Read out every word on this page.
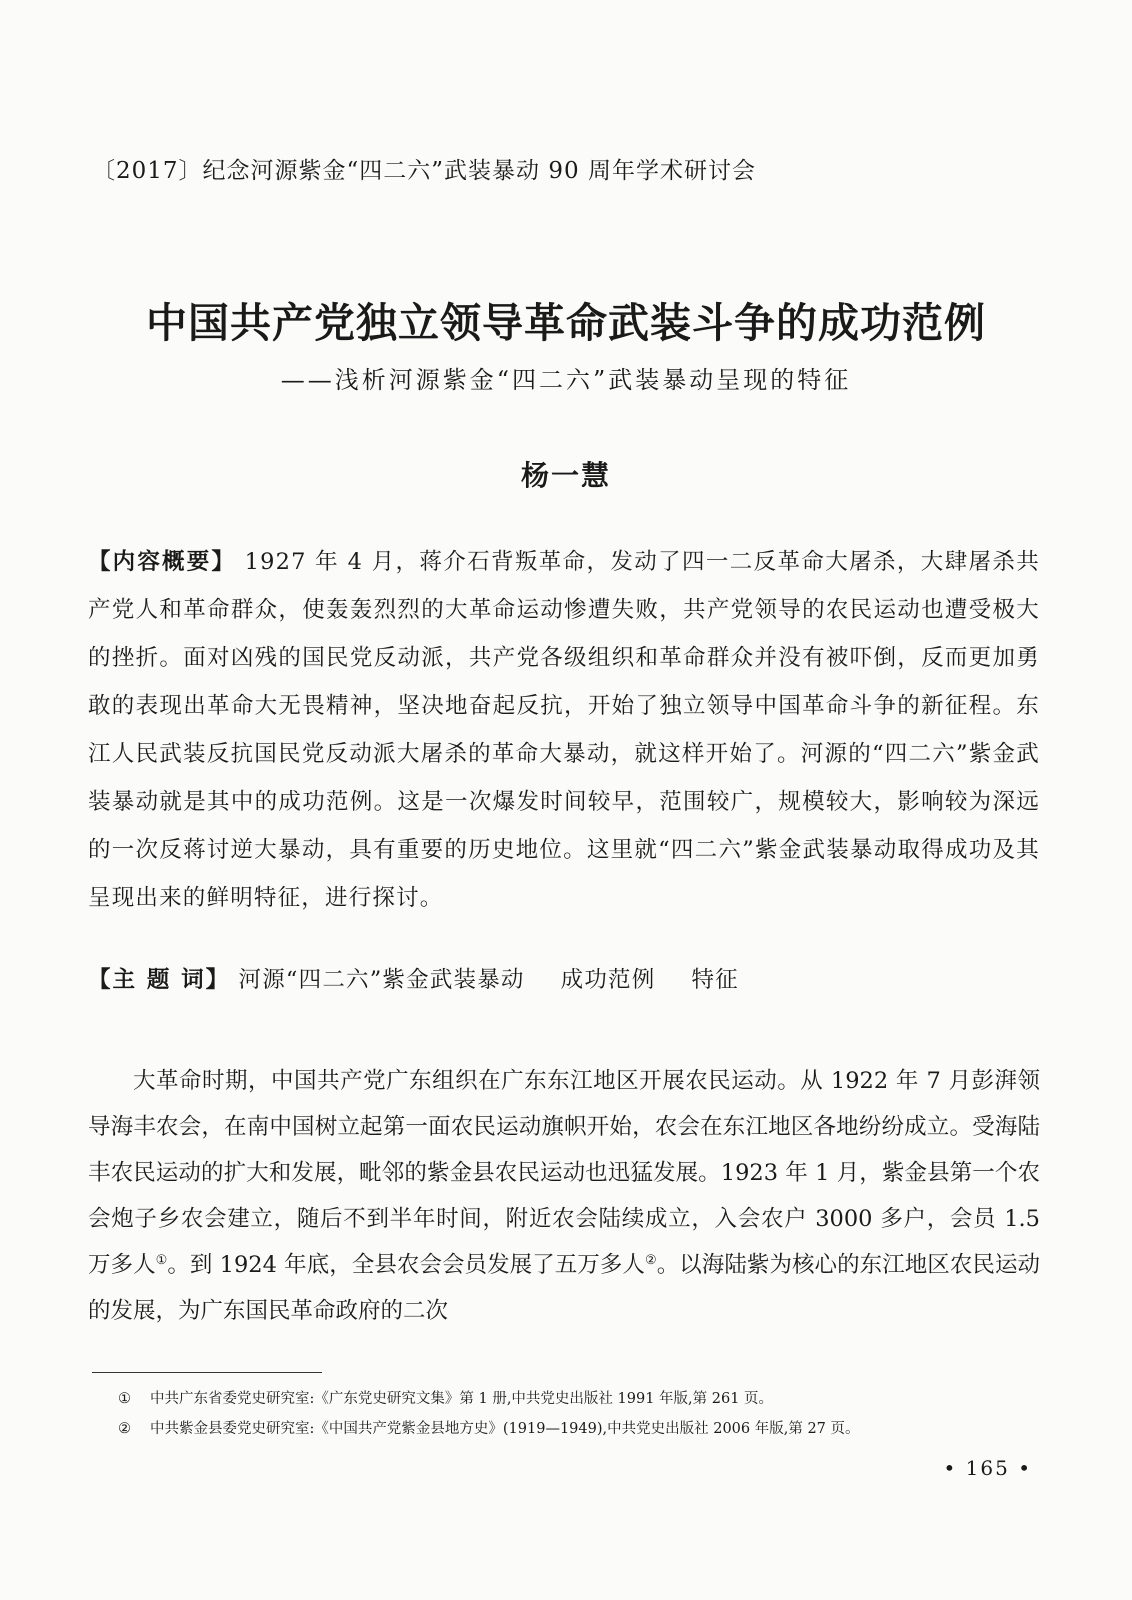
〔2017〕纪念河源紫金“四二六”武装暴动 90 周年学术研讨会
中国共产党独立领导革命武装斗争的成功范例
——浅析河源紫金“四二六”武装暴动呈现的特征
杨一慧
【内容概要】 1927 年 4 月，蒋介石背叛革命，发动了四一二反革命大屠杀，大肆屠杀共产党人和革命群众，使轰轰烈烈的大革命运动惨遭失败，共产党领导的农民运动也遭受极大的挫折。面对凶残的国民党反动派，共产党各级组织和革命群众并没有被吓倒，反而更加勇敢的表现出革命大无畏精神，坚决地奋起反抗，开始了独立领导中国革命斗争的新征程。东江人民武装反抗国民党反动派大屠杀的革命大暴动，就这样开始了。河源的“四二六”紫金武装暴动就是其中的成功范例。这是一次爆发时间较早，范围较广，规模较大，影响较为深远的一次反蒋讨逆大暴动，具有重要的历史地位。这里就“四二六”紫金武装暴动取得成功及其呈现出来的鲜明特征，进行探讨。
【主 题 词】 河源“四二六”紫金武装暴动 成功范例 特征
大革命时期，中国共产党广东组织在广东东江地区开展农民运动。从 1922 年 7 月彭湃领导海丰农会，在南中国树立起第一面农民运动旗帜开始，农会在东江地区各地纷纷成立。受海陆丰农民运动的扩大和发展，毗邻的紫金县农民运动也迅猛发展。1923 年 1 月，紫金县第一个农会炮子乡农会建立，随后不到半年时间，附近农会陆续成立，入会农户 3000 多户，会员 1.5 万多人①。到 1924 年底，全县农会会员发展了五万多人②。以海陆紫为核心的东江地区农民运动的发展，为广东国民革命政府的二次
① 中共广东省委党史研究室:《广东党史研究文集》第 1 册,中共党史出版社 1991 年版,第 261 页。
② 中共紫金县委党史研究室:《中国共产党紫金县地方史》(1919—1949),中共党史出版社 2006 年版,第 27 页。
• 165 •
